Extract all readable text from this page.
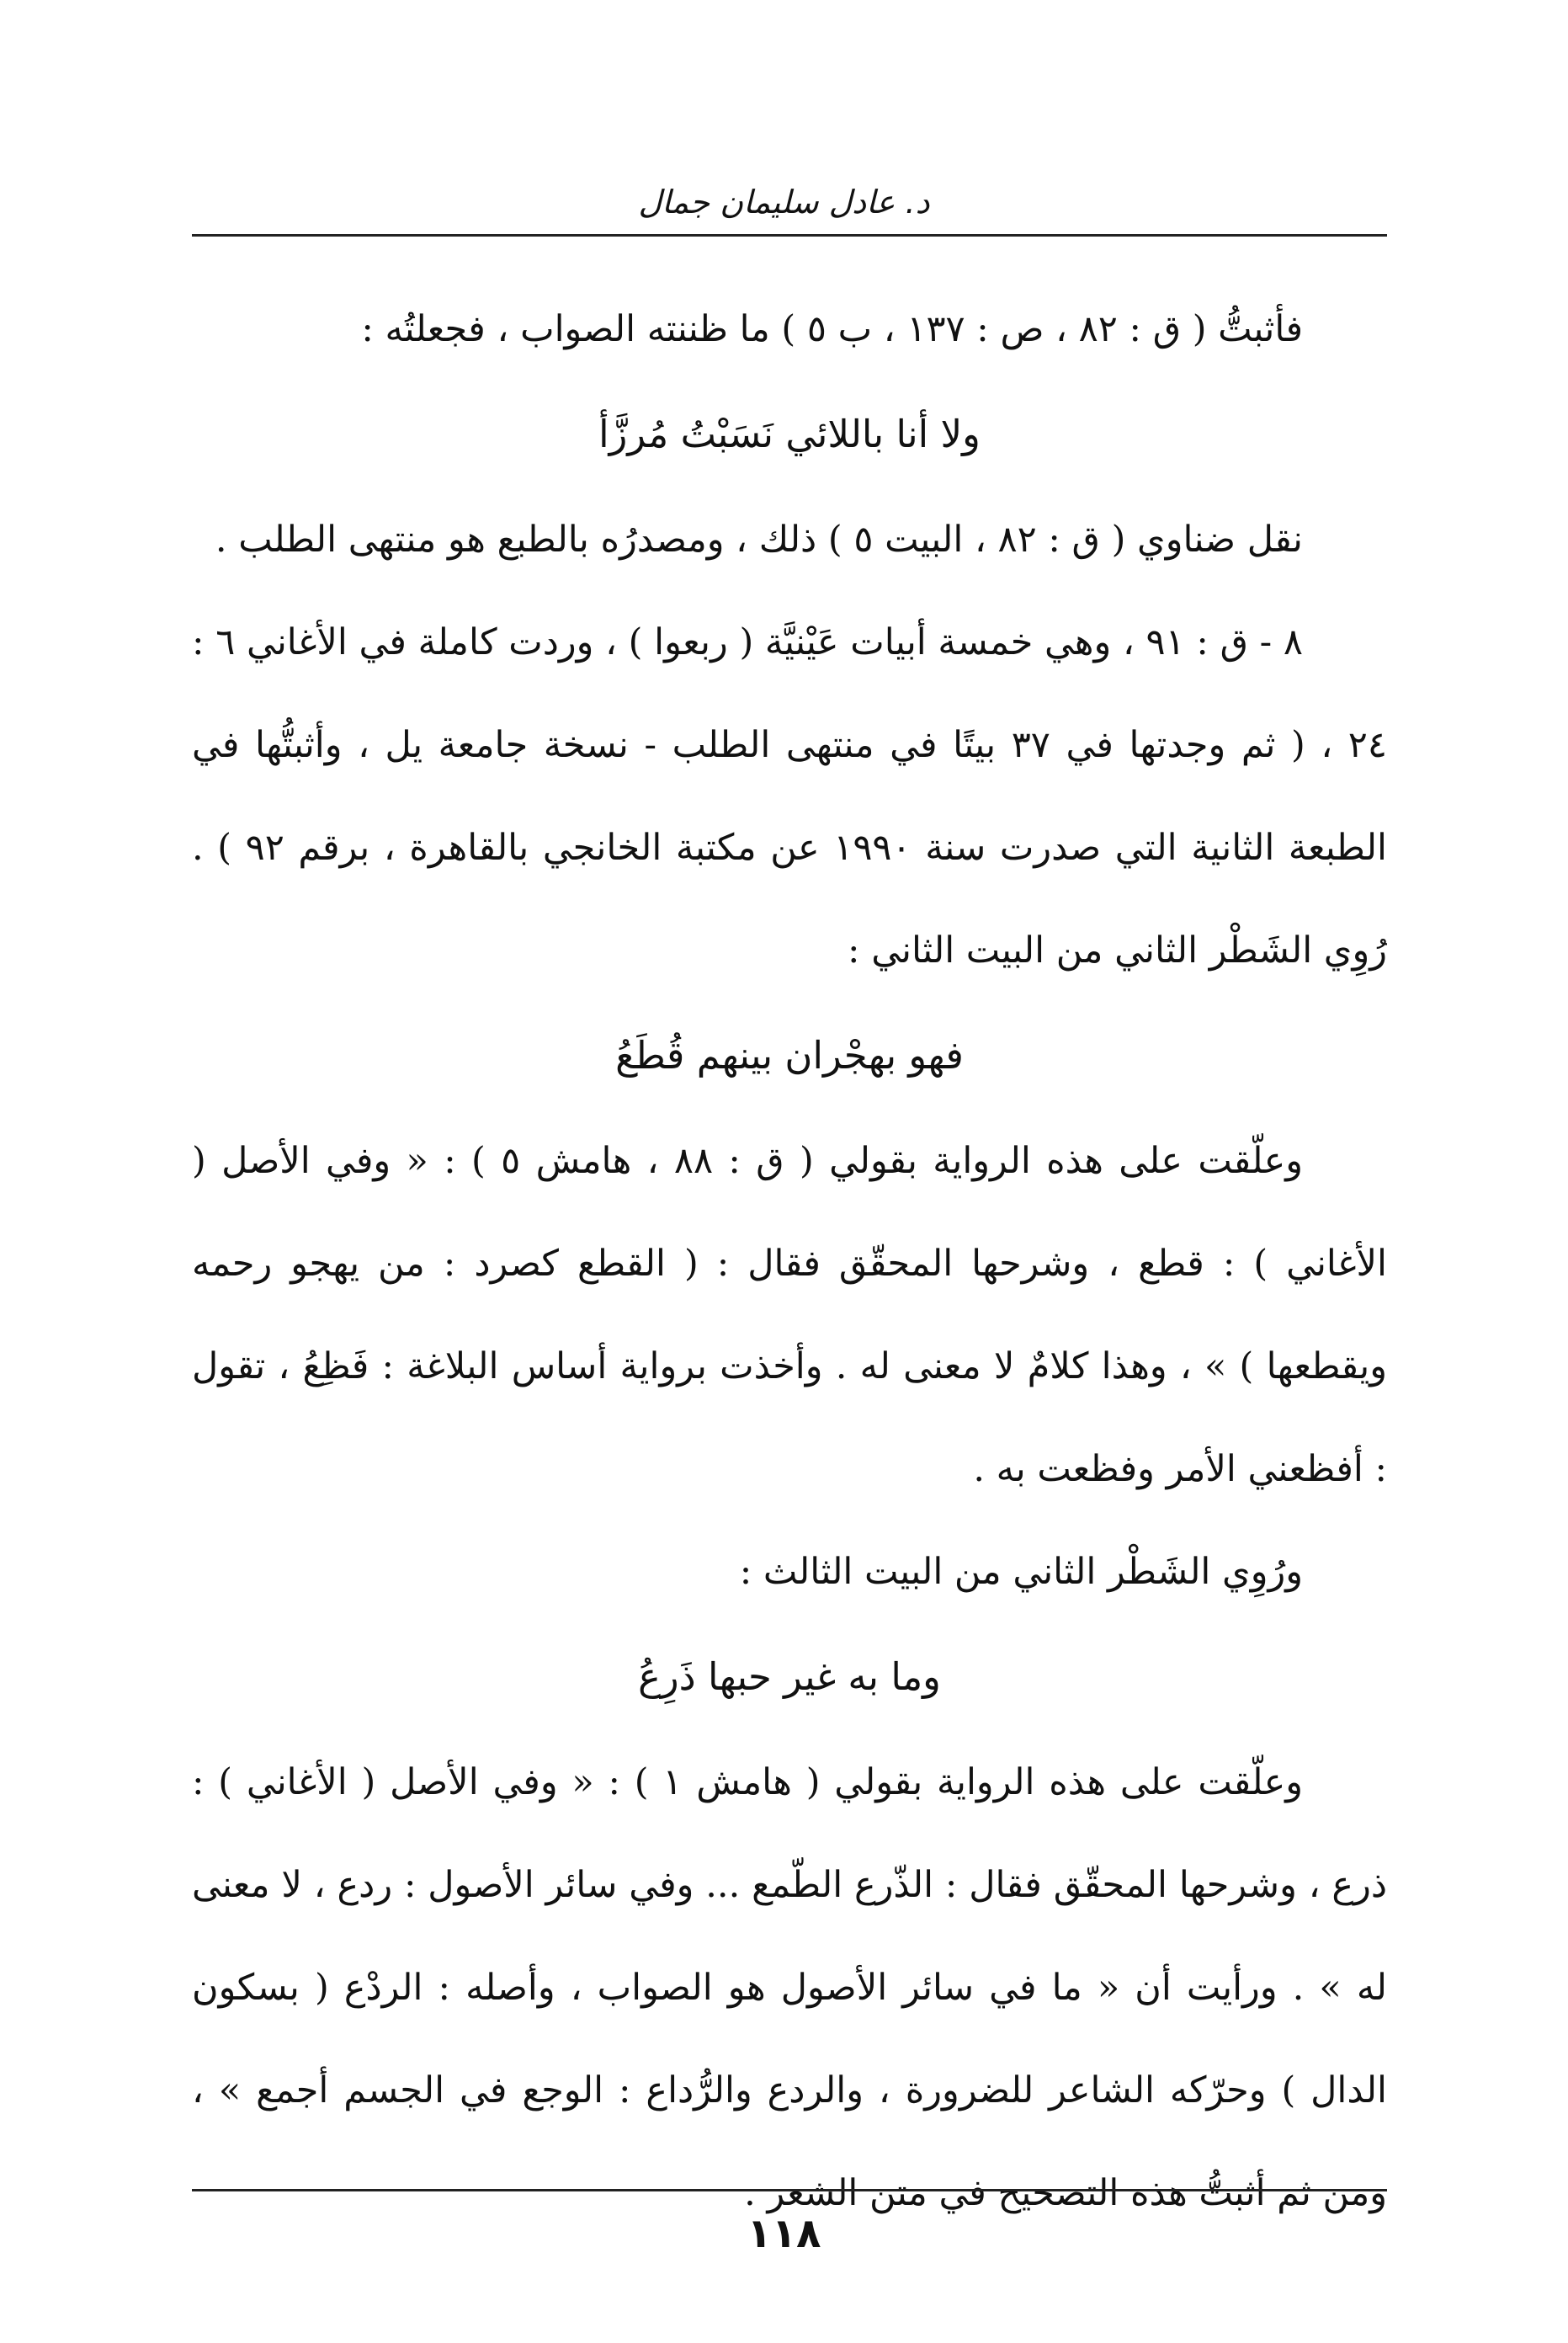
د. عادل سليمان جمال

فأثبتُّ ( ق : ٨٢ ، ص : ١٣٧ ، ب ٥ ) ما ظننته الصواب ، فجعلتُه :

ولا أنا باللائي نَسَبْتُ مُرزَّأ

نقل ضناوي ( ق : ٨٢ ، البيت ٥ ) ذلك ، ومصدرُه بالطبع هو منتهى الطلب .

٨ - ق : ٩١ ، وهي خمسة أبيات عَيْنيَّة ( ربعوا ) ، وردت كاملة في الأغاني ٦ : ٢٤ ، ( ثم وجدتها في ٣٧ بيتًا في منتهى الطلب - نسخة جامعة يل ، وأثبتُّها في الطبعة الثانية التي صدرت سنة ١٩٩٠ عن مكتبة الخانجي بالقاهرة ، برقم ٩٢ ) . رُوِي الشَطْر الثاني من البيت الثاني :

فهو بهجْران بينهم قُطَعُ

وعلّقت على هذه الرواية بقولي ( ق : ٨٨ ، هامش ٥ ) : « وفي الأصل ( الأغاني ) : قطع ، وشرحها المحقّق فقال : ( القطع كصرد : من يهجو رحمه ويقطعها ) » ، وهذا كلامٌ لا معنى له . وأخذت برواية أساس البلاغة : فَظِعُ ، تقول : أفظعني الأمر وفظعت به .

ورُوِي الشَطْر الثاني من البيت الثالث :

وما به غير حبها ذَرِعُ

وعلّقت على هذه الرواية بقولي ( هامش ١ ) : « وفي الأصل ( الأغاني ) : ذرع ، وشرحها المحقّق فقال : الذّرع الطّمع ... وفي سائر الأصول : ردع ، لا معنى له » . ورأيت أن « ما في سائر الأصول هو الصواب ، وأصله : الردْع ( بسكون الدال ) وحرّكه الشاعر للضرورة ، والردع والرُّداع : الوجع في الجسم أجمع » ، ومن ثم أثبتُّ هذه التصحيح في متن الشعر .

١١٨
